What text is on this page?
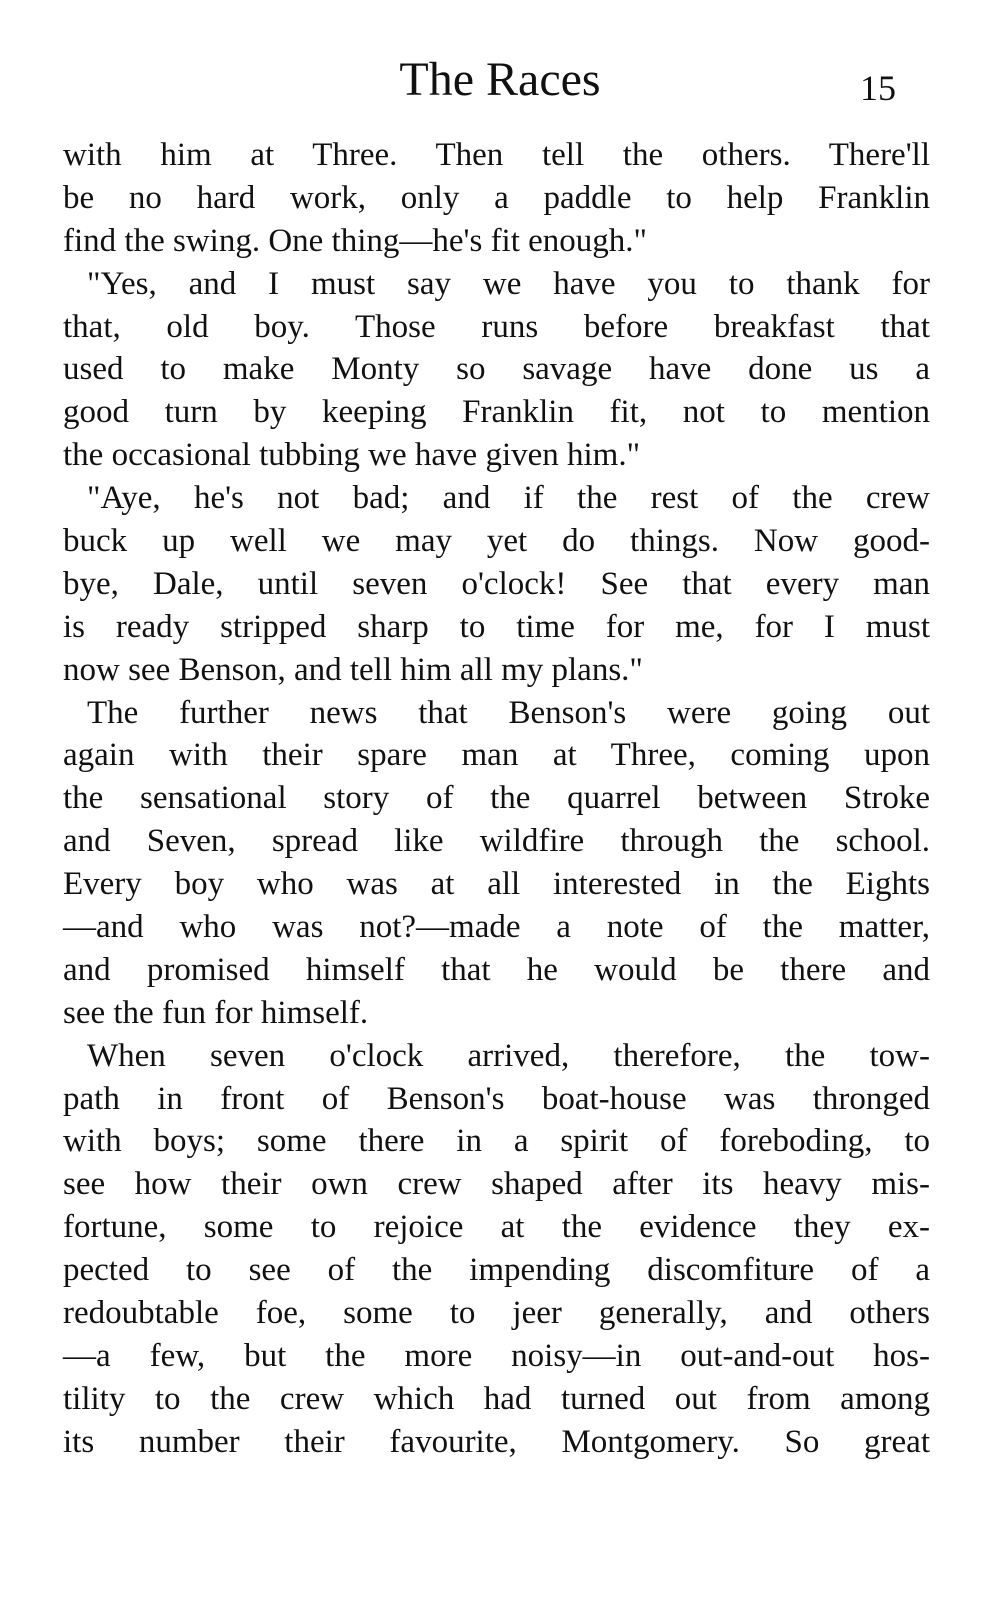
The Races	15
with him at Three. Then tell the others. There'll
be no hard work, only a paddle to help Franklin
find the swing. One thing—he's fit enough."
"Yes, and I must say we have you to thank for
that, old boy. Those runs before breakfast that
used to make Monty so savage have done us a
good turn by keeping Franklin fit, not to mention
the occasional tubbing we have given him."
"Aye, he's not bad; and if the rest of the crew
buck up well we may yet do things. Now good-
bye, Dale, until seven o'clock! See that every man
is ready stripped sharp to time for me, for I must
now see Benson, and tell him all my plans."
The further news that Benson's were going out
again with their spare man at Three, coming upon
the sensational story of the quarrel between Stroke
and Seven, spread like wildfire through the school.
Every boy who was at all interested in the Eights
—and who was not?—made a note of the matter,
and promised himself that he would be there and
see the fun for himself.
When seven o'clock arrived, therefore, the tow-
path in front of Benson's boat-house was thronged
with boys; some there in a spirit of foreboding, to
see how their own crew shaped after its heavy mis-
fortune, some to rejoice at the evidence they ex-
pected to see of the impending discomfiture of a
redoubtable foe, some to jeer generally, and others
—a few, but the more noisy—in out-and-out hos-
tility to the crew which had turned out from among
its number their favourite, Montgomery. So great
